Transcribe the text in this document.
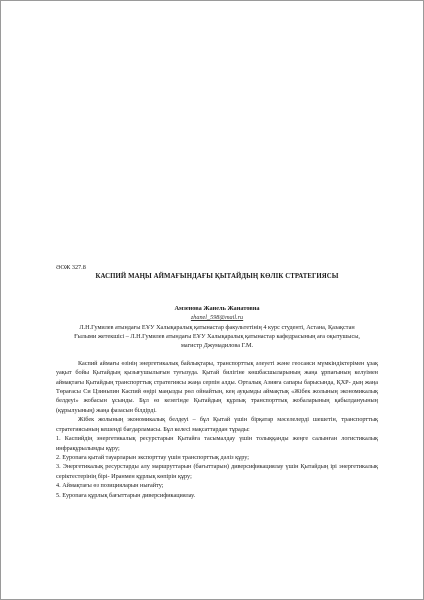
ӘОЖ 327.8

КАСПИЙ МАҢЫ АЙМАҒЫНДАҒЫ ҚЫТАЙДЫҢ КӨЛІК СТРАТЕГИЯСЫ
Амзенова Жанель Жанатовна
zhanel_598@mail.ru
Л.Н.Гумилев атындағы ЕҰУ Халықаралық қатынастар факультетінің 4 курс студенті, Астана, Қазақстан
Ғылыми жетекшісі – Л.Н.Гумилев атындағы ЕҰУ Халықаралық қатынастар кафедрасының аға оқытушысы, магистр Джумадилова Г.М.

Каспий аймағы өзінің энергетикалық байлықтары, транспорттық әлеуеті және геосаяси мүмкіндіктерімен ұзақ уақыт бойы Қытайдың қызығушылығын туғызуда. Қытай билігіне көшбасшыларының жаңа ұрпағының келуімен аймақтағы Қытайдың транспорттық стратегиясы жаңа серпін алды. Орталық Азияға сапары барысында, ҚХР- дың жаңа Төрағасы Си Цзиньпин Каспий өңірі маңызды рөл ойнайтын, кең ауқымды аймақтық «Жібек жолының экономикалық белдеуі» жобасын ұсынды. Бұл өз кезегінде Қытайдың құрлық транспорттық жобаларының қабылдануының (құрылуының) жаңа фазасын білдірді.

Жібек жолының экономикалық белдеуі – бұл Қытай үшін бірқатар мәселелерді шешетін, транспорттық стратегиясының кешенді бағдарламасы. Бұл келесі мақсаттардан тұрады:

1. Каспийдің энергетикалық ресурстарын Қытайға тасымалдау үшін толыққанды жеңге салынған логистикалық инфрақұрылымды құру;
2. Еуропаға қытай тауарларын экспорттау үшін транспорттық дәліз құру;
3. Энергетикалық ресурстарды алу маршруттарын (бағыттарын) диверсификациялау үшін Қытайдың ірі энергетикалық серіктестерінің бірі- Иранмен құрлық көпірін құру;
4. Аймақтағы өз позицияларын нығайту;
5. Еуропаға құрлық бағыттарын диверсификациялау.
